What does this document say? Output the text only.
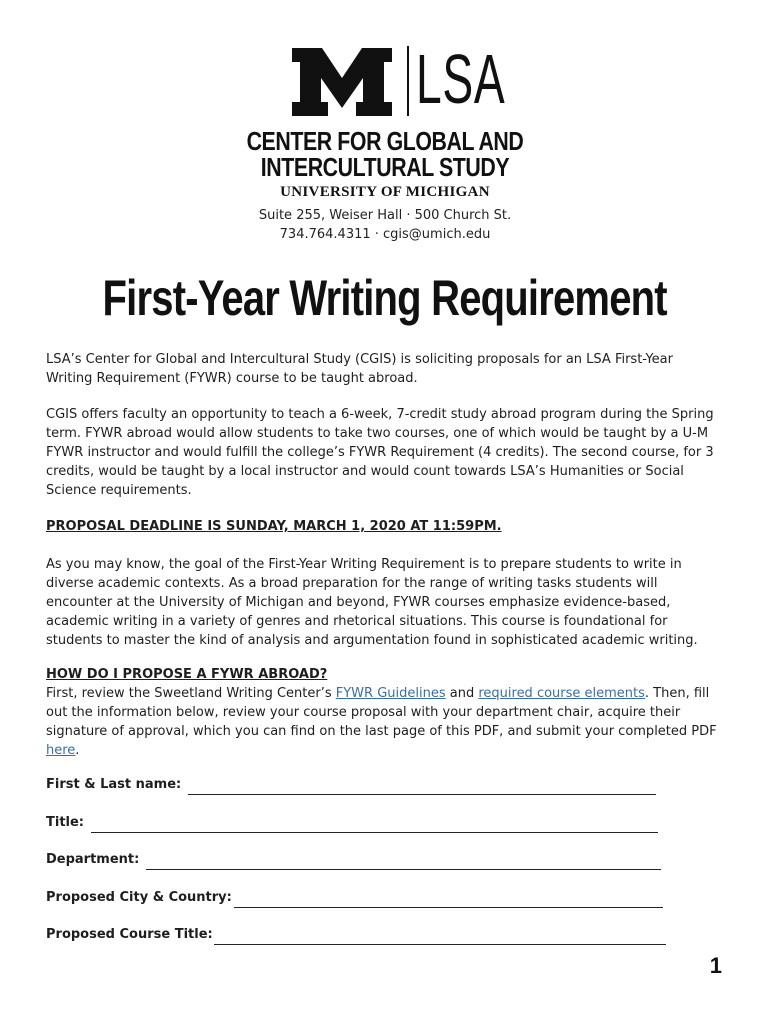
LSA
CENTER FOR GLOBAL AND
INTERCULTURAL STUDY
UNIVERSITY OF MICHIGAN
Suite 255, Weiser Hall · 500 Church St.
734.764.4311 · cgis@umich.edu
First-Year Writing Requirement
LSA’s Center for Global and Intercultural Study (CGIS) is soliciting proposals for an LSA First-Year Writing Requirement (FYWR) course to be taught abroad.
CGIS offers faculty an opportunity to teach a 6-week, 7-credit study abroad program during the Spring term. FYWR abroad would allow students to take two courses, one of which would be taught by a U-M FYWR instructor and would fulfill the college’s FYWR Requirement (4 credits). The second course, for 3 credits, would be taught by a local instructor and would count towards LSA’s Humanities or Social Science requirements.
PROPOSAL DEADLINE IS SUNDAY, MARCH 1, 2020 AT 11:59PM.
As you may know, the goal of the First-Year Writing Requirement is to prepare students to write in diverse academic contexts. As a broad preparation for the range of writing tasks students will encounter at the University of Michigan and beyond, FYWR courses emphasize evidence-based, academic writing in a variety of genres and rhetorical situations. This course is foundational for students to master the kind of analysis and argumentation found in sophisticated academic writing.
HOW DO I PROPOSE A FYWR ABROAD?
First, review the Sweetland Writing Center’s FYWR Guidelines and required course elements. Then, fill out the information below, review your course proposal with your department chair, acquire their signature of approval, which you can find on the last page of this PDF, and submit your completed PDF here.
First & Last name:
Title:
Department:
Proposed City & Country:
Proposed Course Title:
1
